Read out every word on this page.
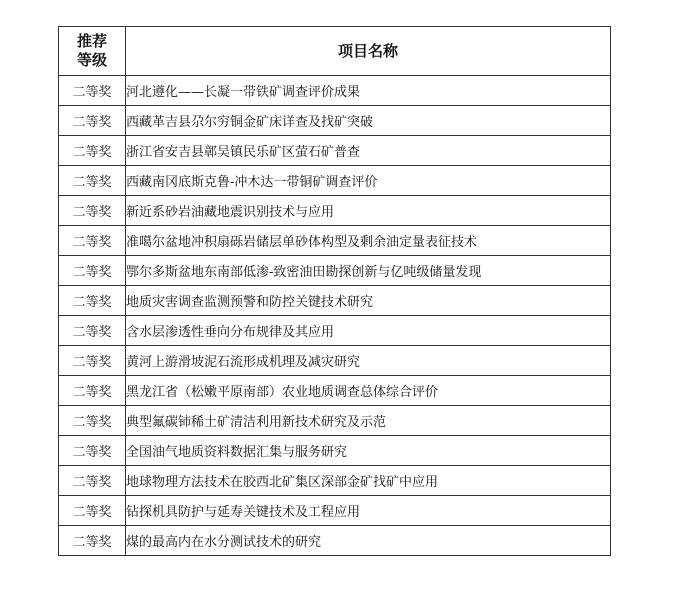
推荐
等级	项目名称
二等奖	河北遵化——长凝一带铁矿调查评价成果
二等奖	西藏革吉县尕尔穷铜金矿床详查及找矿突破
二等奖	浙江省安吉县鄣吴镇民乐矿区萤石矿普查
二等奖	西藏南冈底斯克鲁-冲木达一带铜矿调查评价
二等奖	新近系砂岩油藏地震识别技术与应用
二等奖	准噶尔盆地冲积扇砾岩储层单砂体构型及剩余油定量表征技术
二等奖	鄂尔多斯盆地东南部低渗-致密油田勘探创新与亿吨级储量发现
二等奖	地质灾害调查监测预警和防控关键技术研究
二等奖	含水层渗透性垂向分布规律及其应用
二等奖	黄河上游滑坡泥石流形成机理及减灾研究
二等奖	黑龙江省（松嫩平原南部）农业地质调查总体综合评价
二等奖	典型氟碳铈稀土矿清洁利用新技术研究及示范
二等奖	全国油气地质资料数据汇集与服务研究
二等奖	地球物理方法技术在胶西北矿集区深部金矿找矿中应用
二等奖	钻探机具防护与延寿关键技术及工程应用
二等奖	煤的最高内在水分测试技术的研究
